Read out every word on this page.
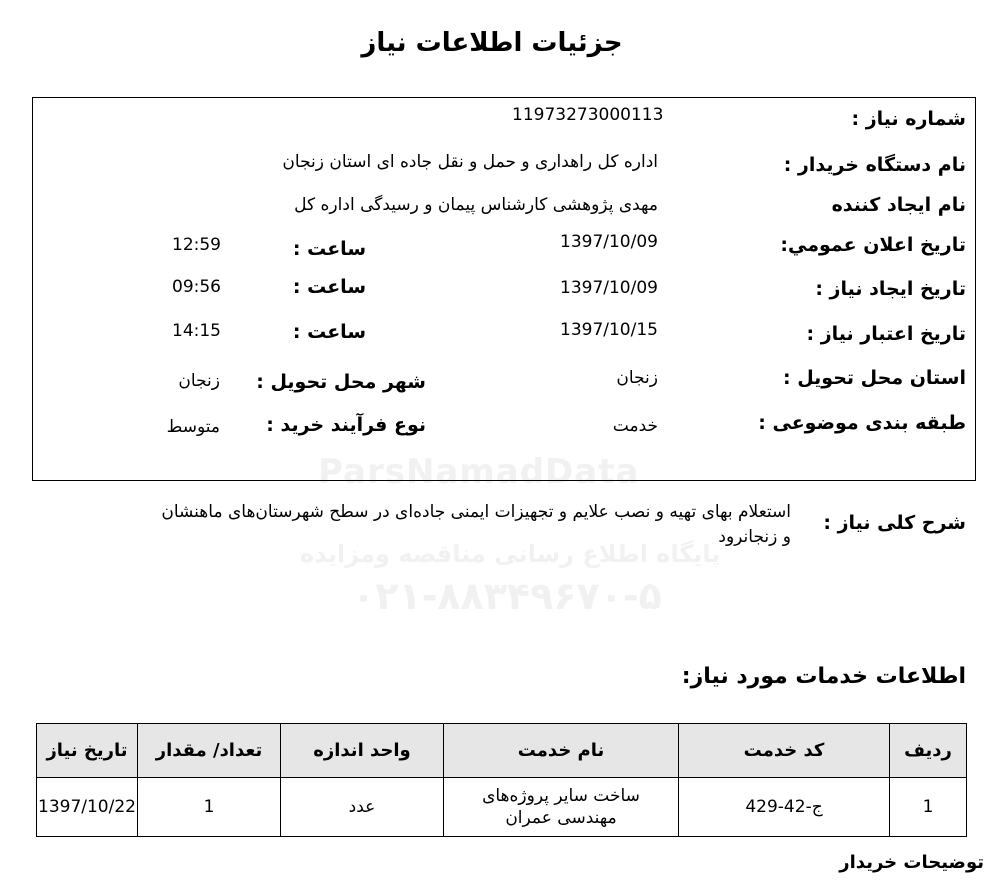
ParsNamadData
پایگاه اطلاع رسانی مناقصه ومزایده
۰۲۱-۸۸۳۴۹۶۷۰-۵
جزئیات اطلاعات نیاز
شماره نیاز :
11973273000113
نام دستگاه خریدار :
اداره کل راهداری و حمل و نقل جاده ای استان زنجان
نام ایجاد کننده
مهدی پژوهشی کارشناس پیمان و رسیدگی اداره کل
تاریخ اعلان عمومي:
1397/10/09
ساعت :
12:59
تاریخ ایجاد نیاز :
1397/10/09
ساعت :
09:56
تاریخ اعتبار نیاز :
1397/10/15
ساعت :
14:15
استان محل تحویل :
زنجان
شهر محل تحویل :
زنجان
طبقه بندی موضوعی :
خدمت
نوع فرآیند خرید :
متوسط
شرح کلی نیاز :
استعلام بهای تهیه و نصب علایم و تجهیزات ایمنی جاده‌ای در سطح شهرستان‌های ماهنشان
و زنجانرود
اطلاعات خدمات مورد نیاز:
ردیف	کد خدمت	نام خدمت	واحد اندازه	تعداد/ مقدار	تاریخ نیاز
1	ج-42-429	ساخت سایر پروژه‌های
مهندسی عمران	عدد	1	1397/10/22
توضیحات خریدار
